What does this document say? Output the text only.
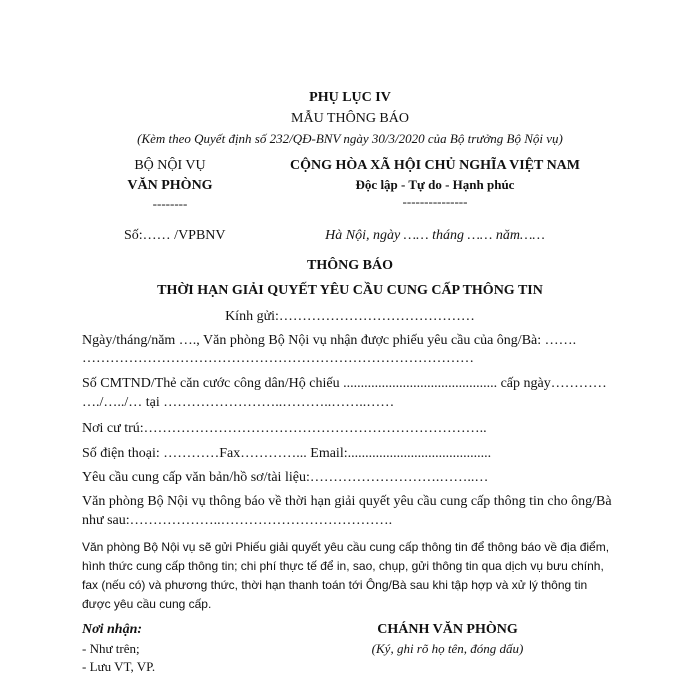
PHỤ LỤC IV
MẪU THÔNG BÁO
(Kèm theo Quyết định số 232/QĐ-BNV ngày 30/3/2020 của Bộ trưởng Bộ Nội vụ)
BỘ NỘI VỤ
VĂN PHÒNG
--------
Số:…… /VPBNV
CỘNG HÒA XÃ HỘI CHỦ NGHĨA VIỆT NAM
Độc lập - Tự do - Hạnh phúc
---------------
Hà Nội, ngày …… tháng …… năm……
THÔNG BÁO
THỜI HẠN GIẢI QUYẾT YÊU CẦU CUNG CẤP THÔNG TIN
Kính gửi:……………………………………
Ngày/tháng/năm …., Văn phòng Bộ Nội vụ nhận được phiếu yêu cầu của ông/Bà: …….
…………………………………………………………………………
Số CMTND/Thẻ căn cước công dân/Hộ chiếu ............................................ cấp ngày…………
…./…../… tại ……………………..………..……..……
Nơi cư trú:………………………………………………………………..
Số điện thoại: …………Fax…………... Email:.........................................
Yêu cầu cung cấp văn bản/hồ sơ/tài liệu:……………………….……..…
Văn phòng Bộ Nội vụ thông báo về thời hạn giải quyết yêu cầu cung cấp thông tin cho ông/Bà
như sau:………………..……………………………….
Văn phòng Bộ Nội vụ sẽ gửi Phiếu giải quyết yêu cầu cung cấp thông tin để thông báo về địa điểm, hình thức cung cấp thông tin; chi phí thực tế để in, sao, chụp, gửi thông tin qua dịch vụ bưu chính, fax (nếu có) và phương thức, thời hạn thanh toán tới Ông/Bà sau khi tập hợp và xử lý thông tin được yêu cầu cung cấp.
Nơi nhận:
- Như trên;
- Lưu VT, VP.
CHÁNH VĂN PHÒNG
(Ký, ghi rõ họ tên, đóng dấu)
